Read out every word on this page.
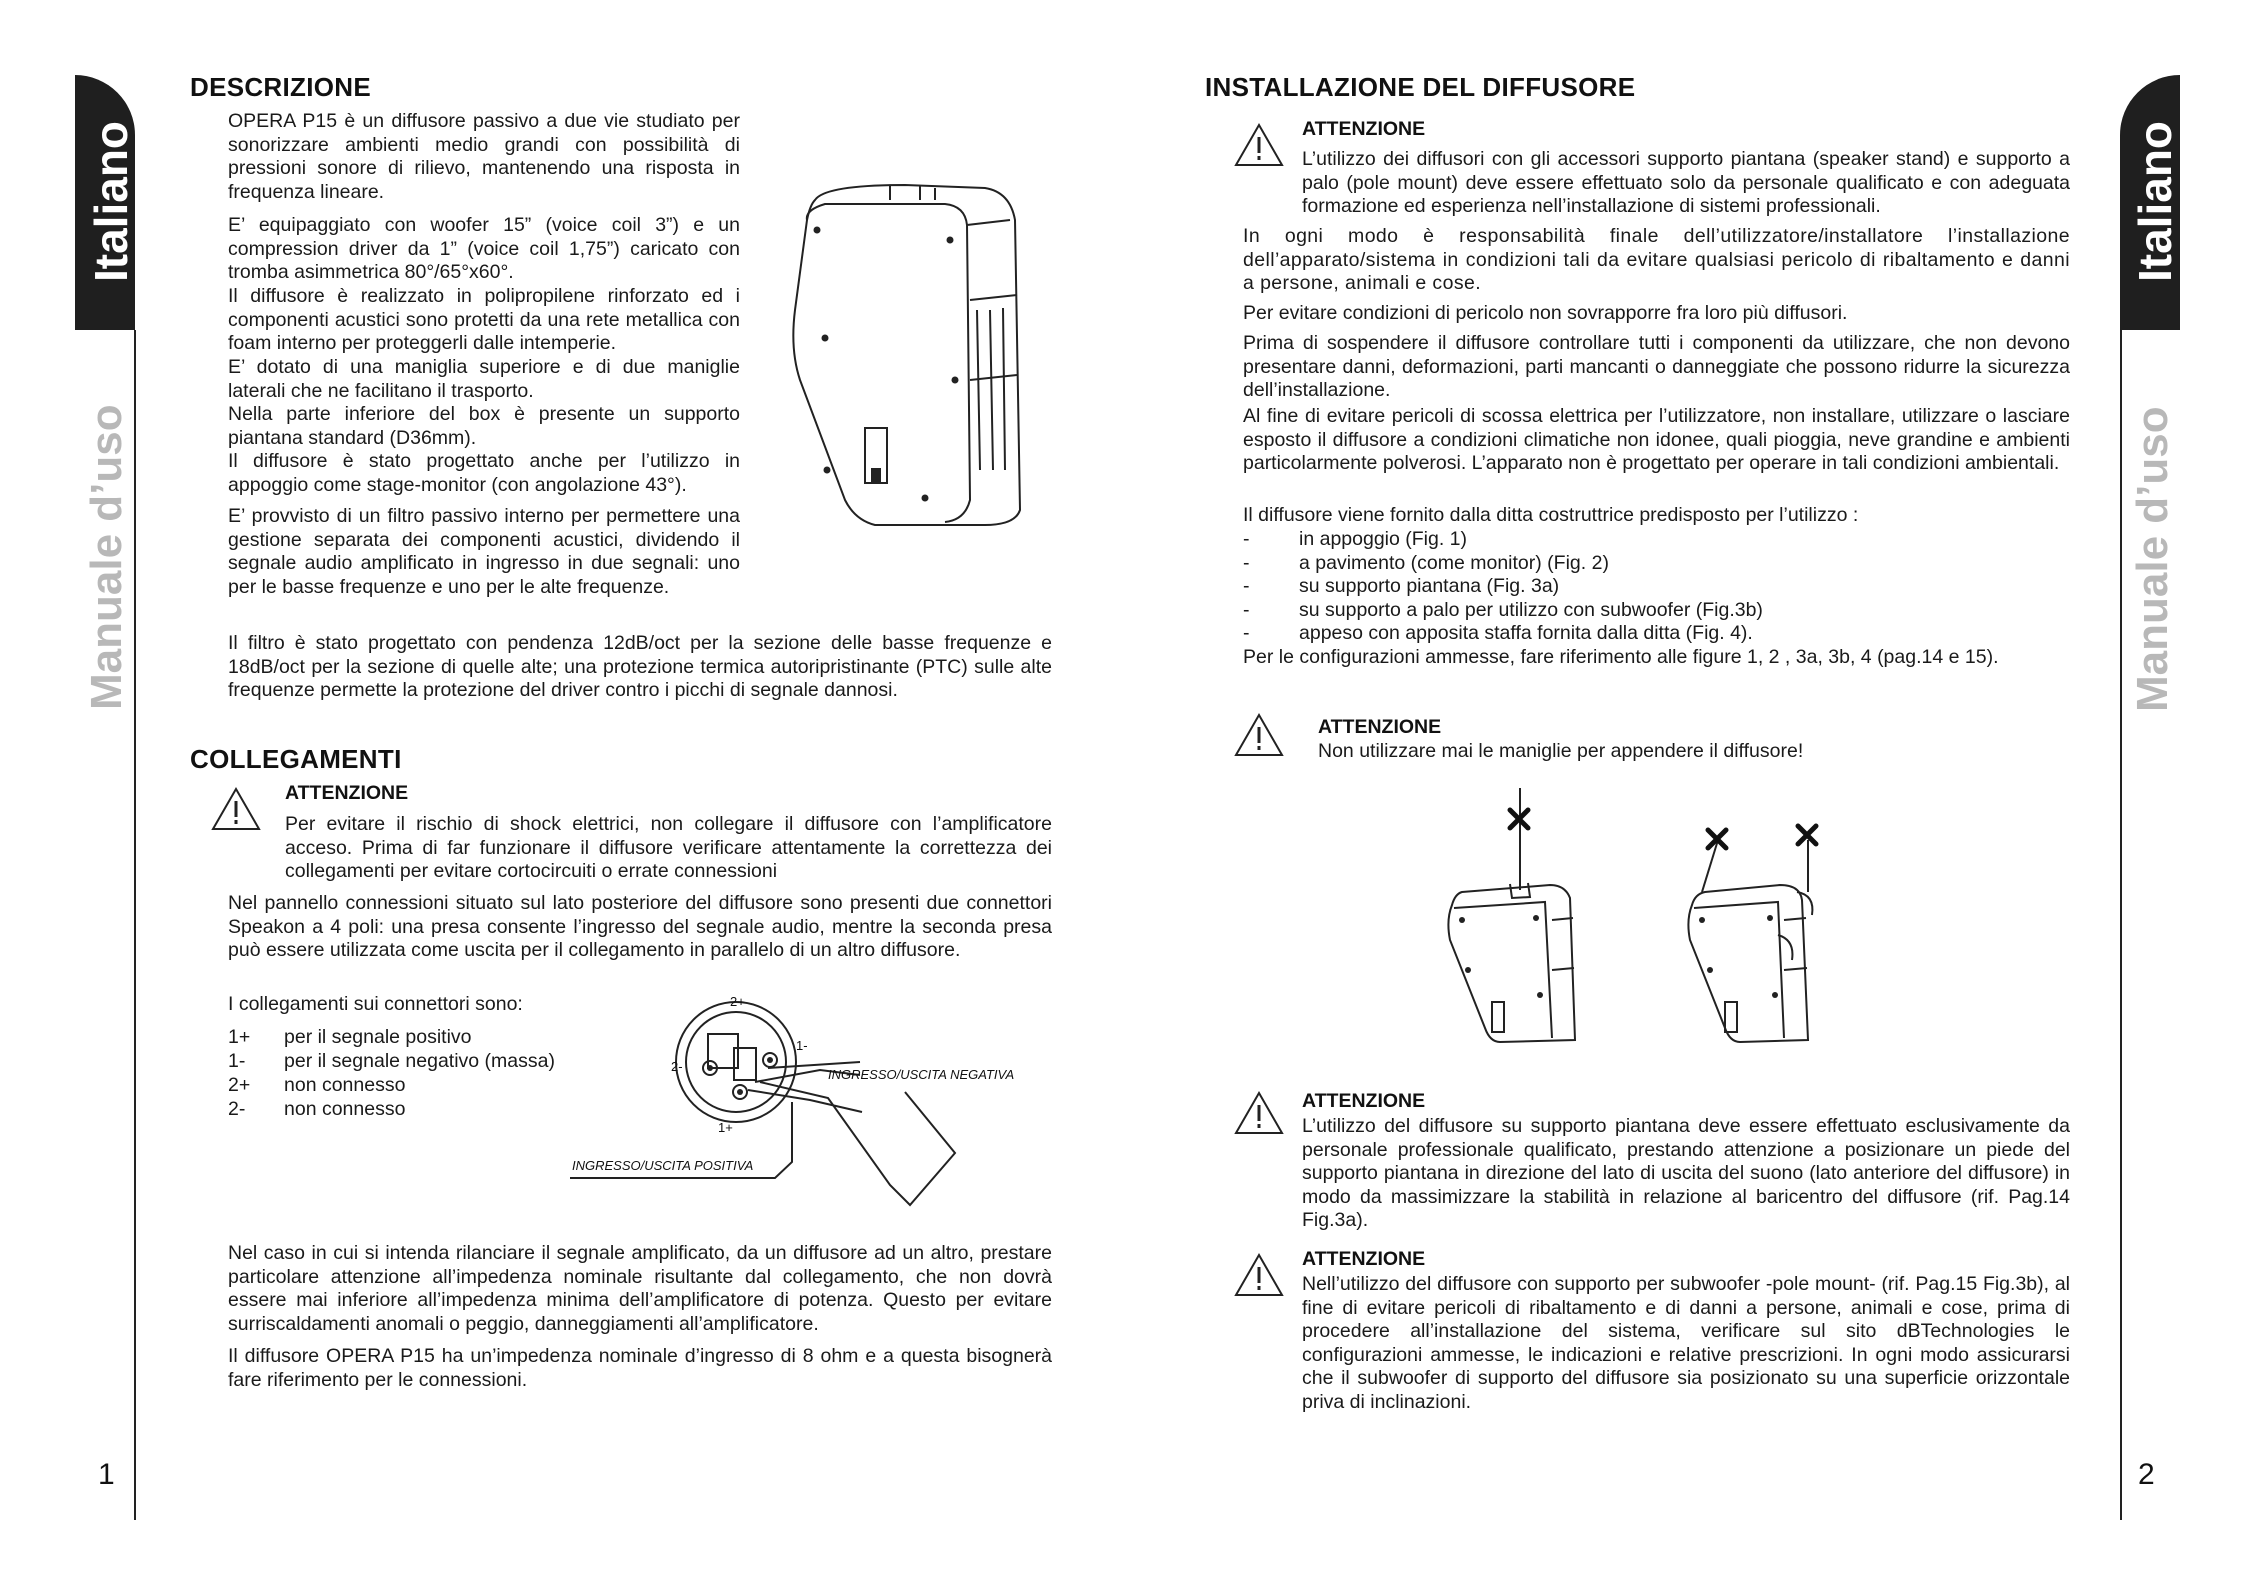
Italiano
Manuale d’uso
1
Italiano
Manuale d’uso
2
DESCRIZIONE

OPERA P15 è un diffusore passivo a due vie studiato per sonorizzare ambienti medio grandi con possibilità di pressioni sonore di rilievo, mantenendo una risposta in frequenza lineare.

E’ equipaggiato con woofer 15” (voice coil 3”) e un compression driver da 1” (voice coil 1,75”) caricato con tromba asimmetrica 80°/65°x60°.

Il diffusore è realizzato in polipropilene rinforzato ed i componenti acustici sono protetti da una rete metallica con foam interno per proteggerli dalle intemperie.

E’ dotato di una maniglia superiore e di due maniglie laterali che ne facilitano il trasporto.

Nella parte inferiore del box è presente un supporto piantana standard (D36mm).

Il diffusore è stato progettato anche per l’utilizzo in appoggio come stage-monitor (con angolazione 43°).

E’ provvisto di un filtro passivo interno per permettere una gestione separata dei componenti acustici, dividendo il segnale audio amplificato in ingresso in due segnali: uno per le basse frequenze e uno per le alte frequenze.

Il filtro è stato progettato con pendenza 12dB/oct per la sezione delle basse frequenze e 18dB/oct per la sezione di quelle alte; una protezione termica autoripristinante (PTC) sulle alte frequenze permette la protezione del driver contro i picchi di segnale dannosi.

COLLEGAMENTI
ATTENZIONE

Per evitare il rischio di shock elettrici, non collegare il diffusore con l’amplificatore acceso. Prima di far funzionare il diffusore verificare attentamente la correttezza dei collegamenti per evitare cortocircuiti o errate connessioni

Nel pannello connessioni situato sul lato posteriore del diffusore sono presenti due connettori Speakon a 4 poli: una presa consente l’ingresso del segnale audio, mentre la seconda presa può essere utilizzata come uscita per il collegamento in parallelo di un altro diffusore.

I collegamenti sui connettori sono:

1+	per il segnale positivo
1-	per il segnale negativo (massa)
2+	non connesso
2-	non connesso
2+
1-
2-
1+
INGRESSO/USCITA NEGATIVA
INGRESSO/USCITA POSITIVA

Nel caso in cui si intenda rilanciare il segnale amplificato, da un diffusore ad un altro, prestare particolare attenzione all’impedenza nominale risultante dal collegamento, che non dovrà essere mai inferiore all’impedenza minima dell’amplificatore di potenza. Questo per evitare surriscaldamenti anomali o peggio, danneggiamenti all’amplificatore.

Il diffusore OPERA P15 ha un’impedenza nominale d’ingresso di 8 ohm e a questa bisognerà fare riferimento per le connessioni.

INSTALLAZIONE DEL DIFFUSORE
ATTENZIONE

L’utilizzo dei diffusori con gli accessori supporto piantana (speaker stand) e supporto a palo (pole mount) deve essere effettuato solo da personale qualificato e con adeguata formazione ed esperienza nell’installazione di sistemi professionali.

In ogni modo è responsabilità finale dell’utilizzatore/installatore l’installazione dell’apparato/sistema in condizioni tali da evitare qualsiasi pericolo di ribaltamento e danni a persone, animali e cose.

Per evitare condizioni di pericolo non sovrapporre fra loro più diffusori.

Prima di sospendere il diffusore controllare tutti i componenti da utilizzare, che non devono presentare danni, deformazioni, parti mancanti o danneggiate che possono ridurre la sicurezza dell’installazione.

Al fine di evitare pericoli di scossa elettrica per l’utilizzatore, non installare, utilizzare o lasciare esposto il diffusore a condizioni climatiche non idonee, quali pioggia, neve grandine e ambienti particolarmente polverosi. L’apparato non è progettato per operare in tali condizioni ambientali.

Il diffusore viene fornito dalla ditta costruttrice predisposto per l’utilizzo :

-	in appoggio (Fig. 1)
-	a pavimento (come monitor) (Fig. 2)
-	su supporto piantana (Fig. 3a)
-	su supporto a palo per utilizzo con subwoofer (Fig.3b)
-	appeso con apposita staffa fornita dalla ditta (Fig. 4).

Per le configurazioni ammesse, fare riferimento alle figure 1, 2 , 3a, 3b, 4 (pag.14 e 15).

ATTENZIONE

Non utilizzare mai le maniglie per appendere il diffusore!

ATTENZIONE

L’utilizzo del diffusore su supporto piantana deve essere effettuato esclusivamente da personale professionale qualificato, prestando attenzione a posizionare un piede del supporto piantana in direzione del lato di uscita del suono (lato anteriore del diffusore) in modo da massimizzare la stabilità in relazione al baricentro del diffusore (rif. Pag.14 Fig.3a).

ATTENZIONE

Nell’utilizzo del diffusore con supporto per subwoofer -pole mount- (rif. Pag.15 Fig.3b), al fine di evitare pericoli di ribaltamento e di danni a persone, animali e cose, prima di procedere all’installazione del sistema, verificare sul sito dBTechnologies le configurazioni ammesse, le indicazioni e relative prescrizioni. In ogni modo assicurarsi che il subwoofer di supporto del diffusore sia posizionato su una superficie orizzontale priva di inclinazioni.
